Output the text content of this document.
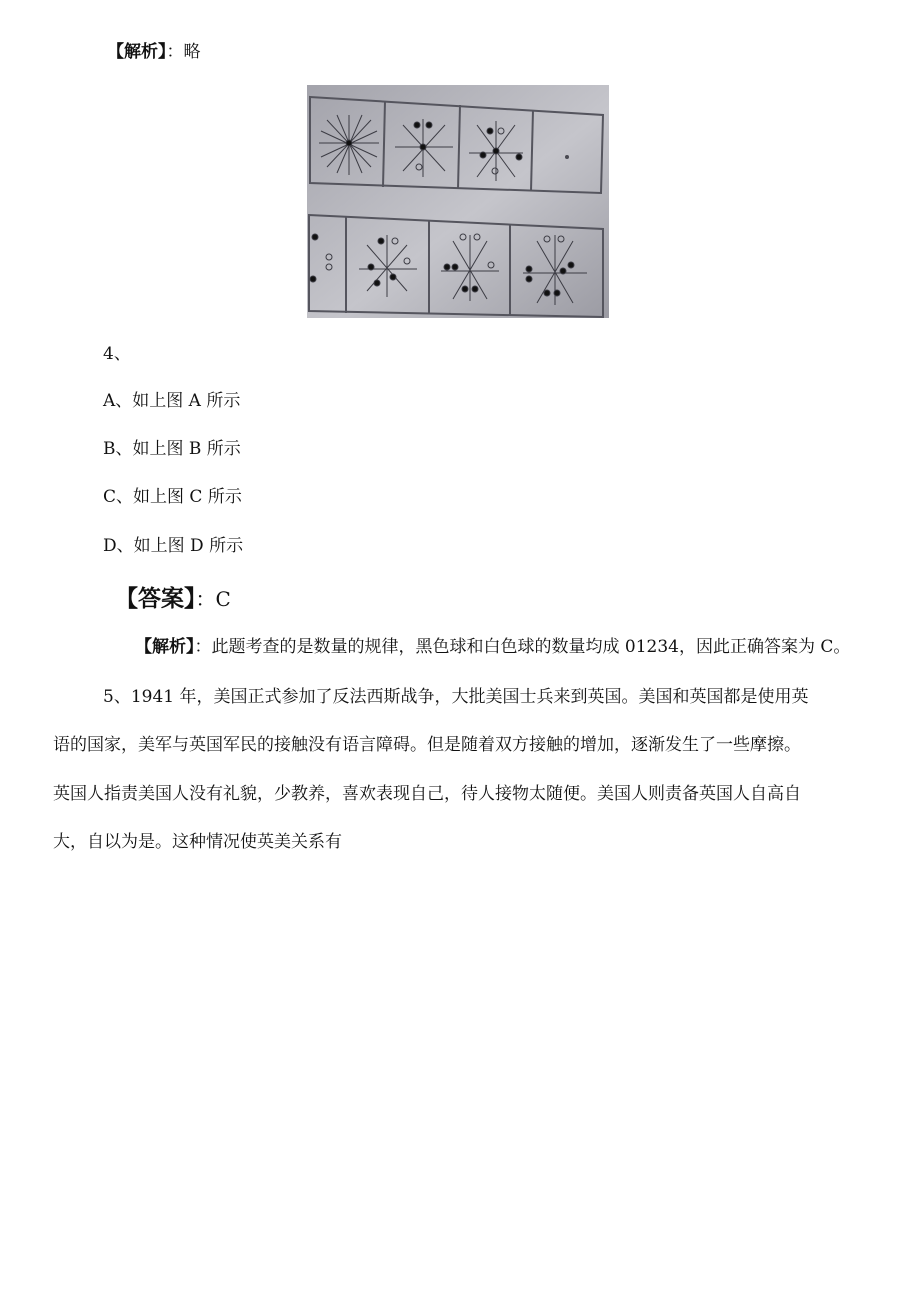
【解析】：略
4、
A、如上图 A 所示
B、如上图 B 所示
C、如上图 C 所示
D、如上图 D 所示
【答案】：C
【解析】：此题考查的是数量的规律，黑色球和白色球的数量均成 01234，因此正确答案为 C。
5、1941 年，美国正式参加了反法西斯战争，大批美国士兵来到英国。美国和英国都是使用英
语的国家，美军与英国军民的接触没有语言障碍。但是随着双方接触的增加，逐渐发生了一些摩擦。
英国人指责美国人没有礼貌，少教养，喜欢表现自己，待人接物太随便。美国人则责备英国人自高自
大，自以为是。这种情况使英美关系有
